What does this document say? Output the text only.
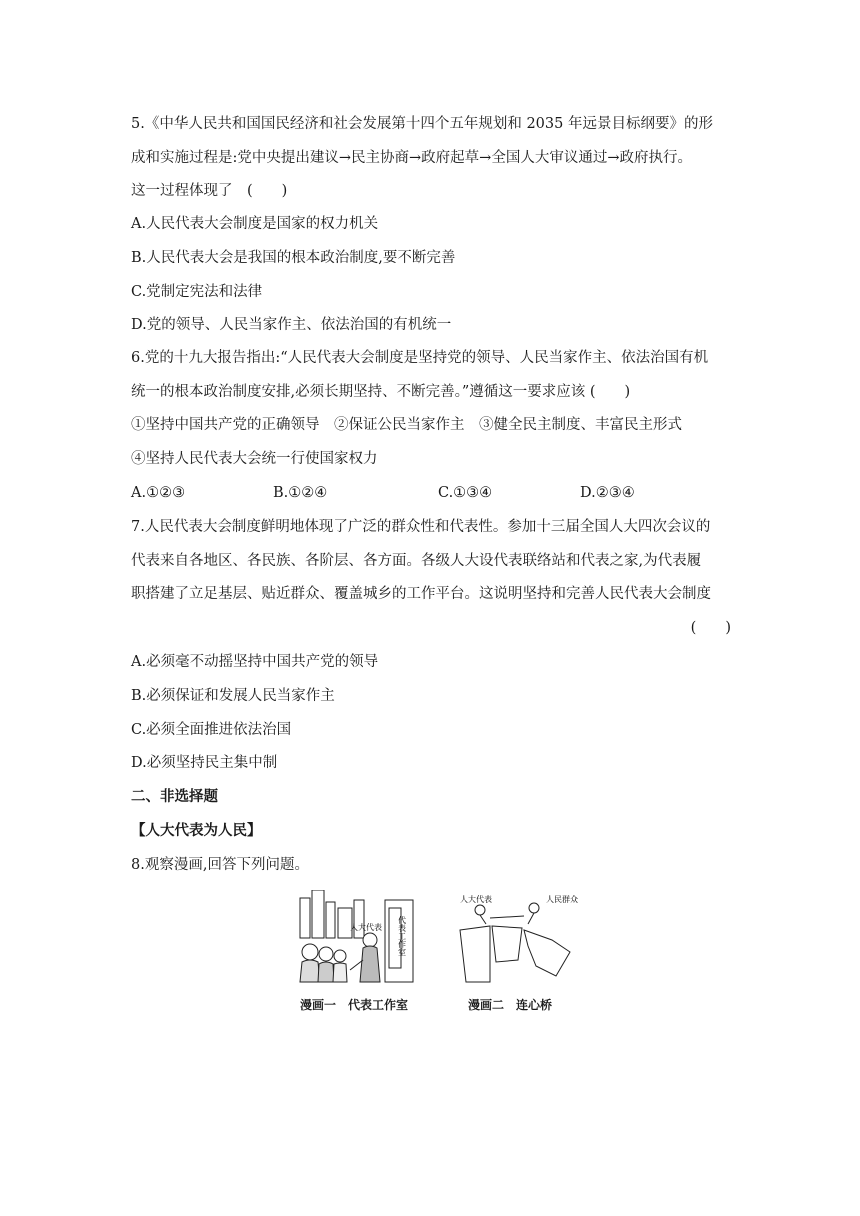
5.《中华人民共和国国民经济和社会发展第十四个五年规划和 2035 年远景目标纲要》的形
成和实施过程是:党中央提出建议→民主协商→政府起草→全国人大审议通过→政府执行。
这一过程体现了　(　　)
A.人民代表大会制度是国家的权力机关
B.人民代表大会是我国的根本政治制度,要不断完善
C.党制定宪法和法律
D.党的领导、人民当家作主、依法治国的有机统一
6.党的十九大报告指出:“人民代表大会制度是坚持党的领导、人民当家作主、依法治国有机
统一的根本政治制度安排,必须长期坚持、不断完善。”遵循这一要求应该 (　　)
①坚持中国共产党的正确领导　②保证公民当家作主　③健全民主制度、丰富民主形式
④坚持人民代表大会统一行使国家权力
A.①②③	B.①②④	C.①③④	D.②③④
7.人民代表大会制度鲜明地体现了广泛的群众性和代表性。参加十三届全国人大四次会议的
代表来自各地区、各民族、各阶层、各方面。各级人大设代表联络站和代表之家,为代表履
职搭建了立足基层、贴近群众、覆盖城乡的工作平台。这说明坚持和完善人民代表大会制度
(　　)
A.必须毫不动摇坚持中国共产党的领导
B.必须保证和发展人民当家作主
C.必须全面推进依法治国
D.必须坚持民主集中制
二、非选择题
【人大代表为人民】
8.观察漫画,回答下列问题。
人大代表 代表工作室
人大代表	人民群众
漫画一　代表工作室	漫画二　连心桥
